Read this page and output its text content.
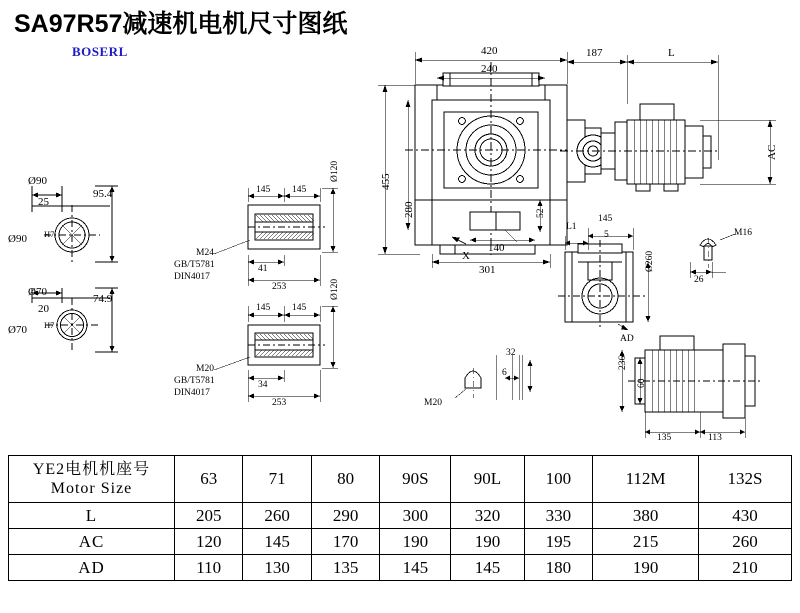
SA97R57减速机电机尺寸图纸
BOSERL	420
240
187	L
455
280	52
140
301
AC
X
Ø90
25
95.4
Ø90 H7
Ø70
20
74.9
Ø70 H7
145 145
Ø120
M24
GB/T5781
DIN4017
41
253
145 145
Ø120
M20
GB/T5781
DIN4017
34
253	M20
32
6
L1
145
5	M16
Ø260
26
AD
236
60
135	113
YE2电机机座号
Motor Size	63	71	80	90S	90L	100	112M	132S
L	205	260	290	300	320	330	380	430
AC	120	145	170	190	190	195	215	260
AD	110	130	135	145	145	180	190	210
